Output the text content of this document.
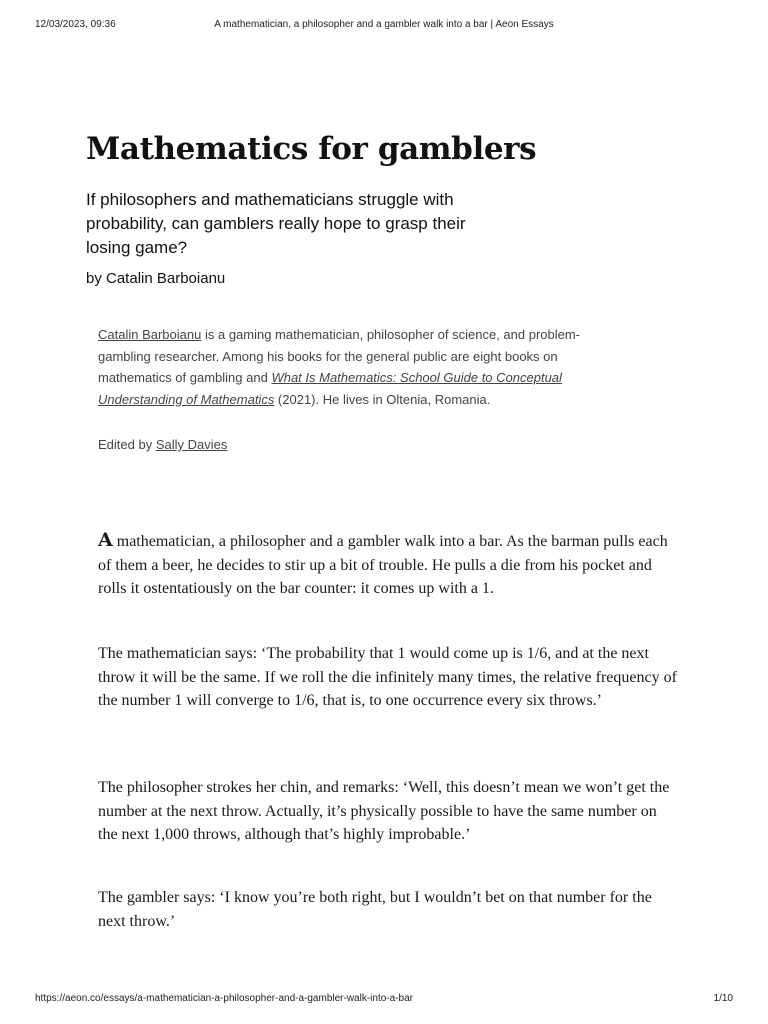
12/03/2023, 09:36	A mathematician, a philosopher and a gambler walk into a bar | Aeon Essays
Mathematics for gamblers

If philosophers and mathematicians struggle with probability, can gamblers really hope to grasp their losing game?

by Catalin Barboianu

Catalin Barboianu is a gaming mathematician, philosopher of science, and problem-gambling researcher. Among his books for the general public are eight books on mathematics of gambling and What Is Mathematics: School Guide to Conceptual Understanding of Mathematics (2021). He lives in Oltenia, Romania.

Edited by Sally Davies

A mathematician, a philosopher and a gambler walk into a bar. As the barman pulls each of them a beer, he decides to stir up a bit of trouble. He pulls a die from his pocket and rolls it ostentatiously on the bar counter: it comes up with a 1.

The mathematician says: ‘The probability that 1 would come up is 1/6, and at the next throw it will be the same. If we roll the die infinitely many times, the relative frequency of the number 1 will converge to 1/6, that is, to one occurrence every six throws.’

The philosopher strokes her chin, and remarks: ‘Well, this doesn’t mean we won’t get the number at the next throw. Actually, it’s physically possible to have the same number on the next 1,000 throws, although that’s highly improbable.’

The gambler says: ‘I know you’re both right, but I wouldn’t bet on that number for the next throw.’

https://aeon.co/essays/a-mathematician-a-philosopher-and-a-gambler-walk-into-a-bar	1/10
